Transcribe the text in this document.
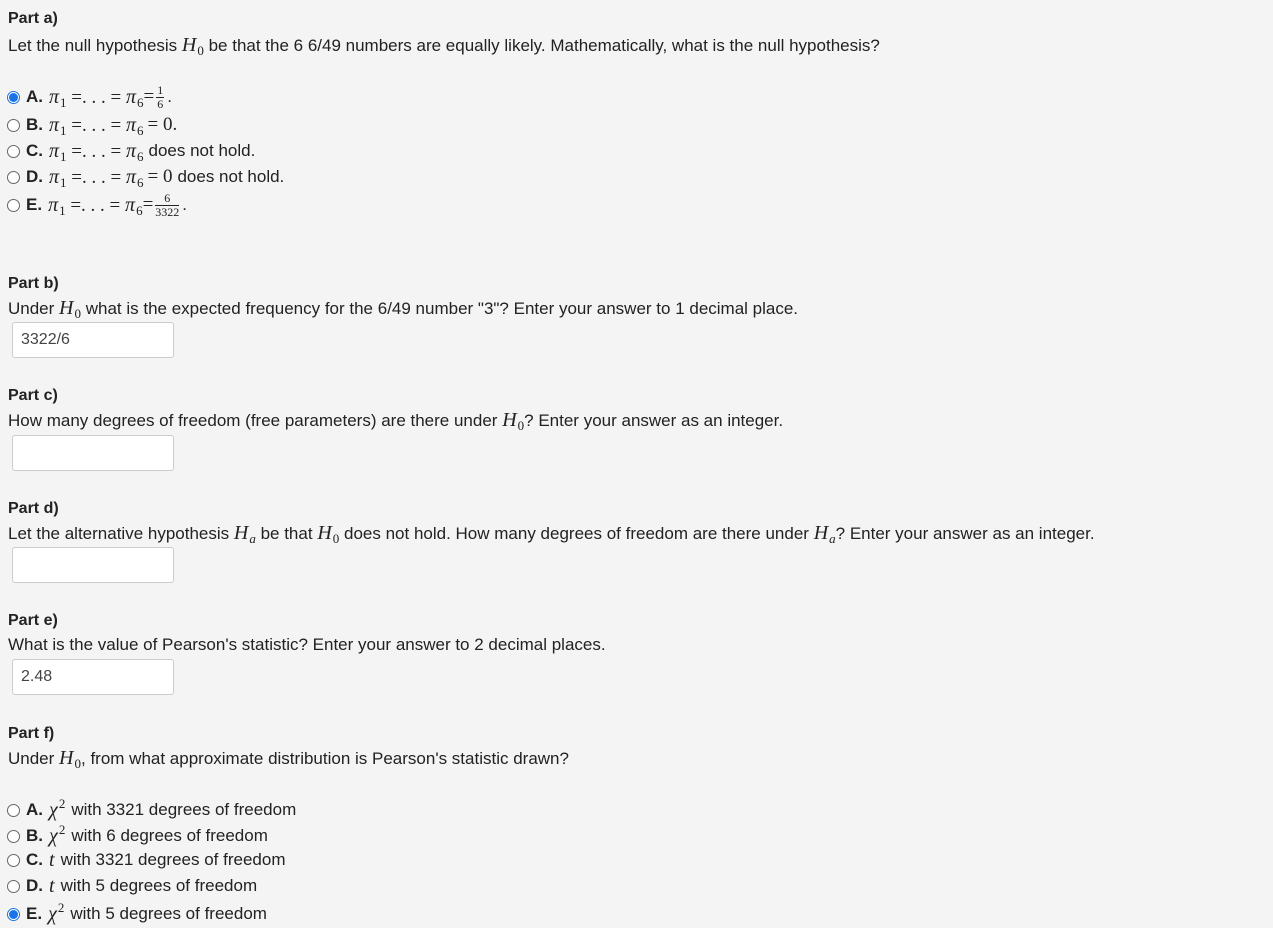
Part a)
Let the null hypothesis $H_0$ be that the 6 6/49 numbers are equally likely. Mathematically, what is the null hypothesis?
A. $\pi_1$ =. . . = $\pi_6 = \frac{1}{6}$ .
B. $\pi_1$ =. . . = $\pi_6 = 0$.
C. $\pi_1$ =. . . = $\pi_6$ does not hold.
D. $\pi_1$ =. . . = $\pi_6 = 0$ does not hold.
E. $\pi_1$ =. . . = $\pi_6 = \frac{6}{3322}$ .
Part b)
Under $H_0$ what is the expected frequency for the 6/49 number "3"? Enter your answer to 1 decimal place.
3322/6
Part c)
How many degrees of freedom (free parameters) are there under $H_0$? Enter your answer as an integer.
Part d)
Let the alternative hypothesis $H_a$ be that $H_0$ does not hold. How many degrees of freedom are there under $H_a$? Enter your answer as an integer.
Part e)
What is the value of Pearson's statistic? Enter your answer to 2 decimal places.
2.48
Part f)
Under $H_0$, from what approximate distribution is Pearson's statistic drawn?
A. $\chi^2$ with 3321 degrees of freedom
B. $\chi^2$ with 6 degrees of freedom
C. t with 3321 degrees of freedom
D. t with 5 degrees of freedom
E. $\chi^2$ with 5 degrees of freedom
